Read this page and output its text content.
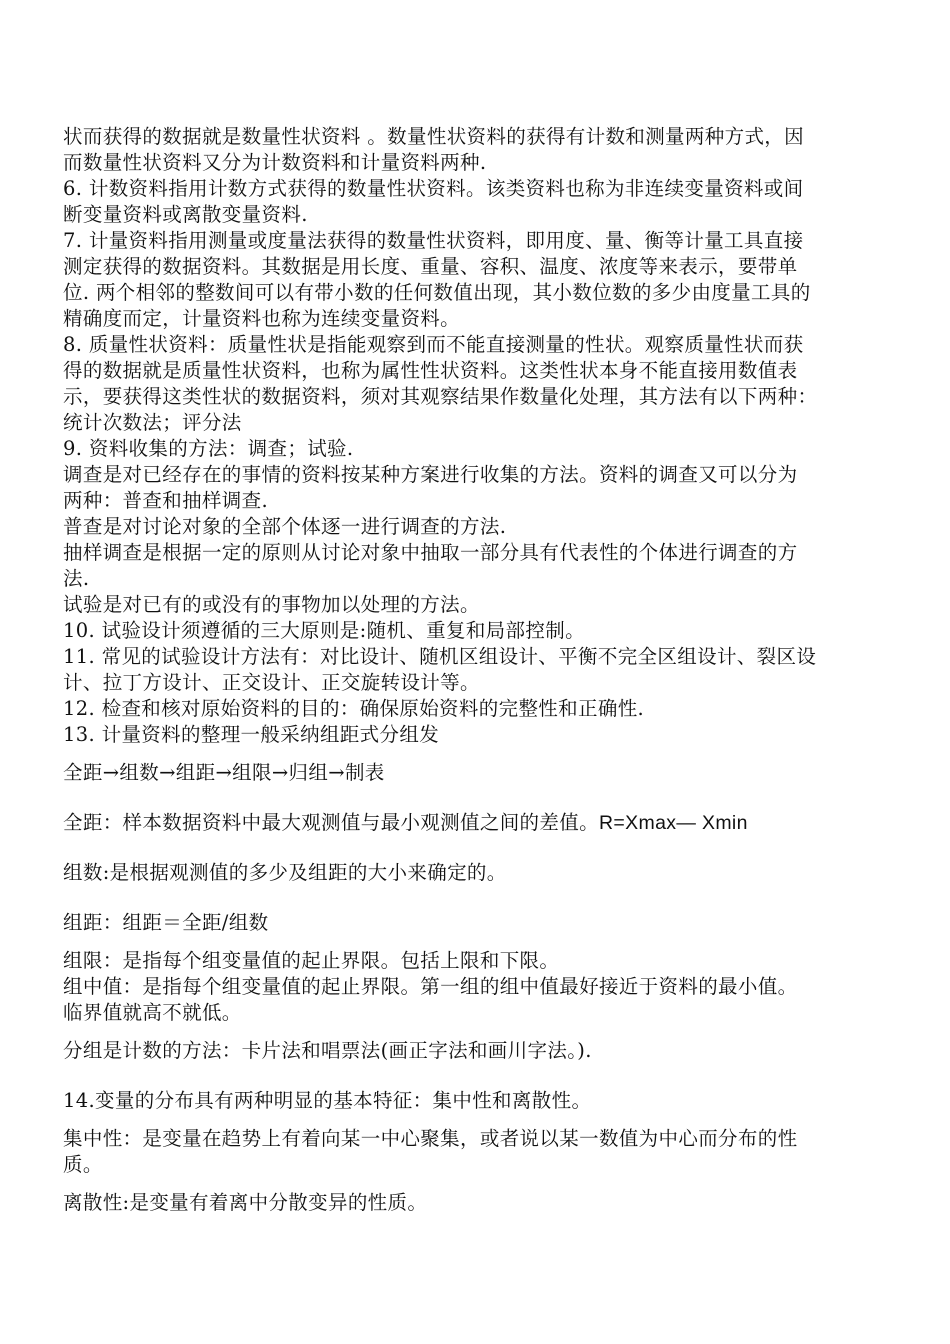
状而获得的数据就是数量性状资料 。数量性状资料的获得有计数和测量两种方式，因
而数量性状资料又分为计数资料和计量资料两种.
6. 计数资料指用计数方式获得的数量性状资料。该类资料也称为非连续变量资料或间
断变量资料或离散变量资料.
7. 计量资料指用测量或度量法获得的数量性状资料，即用度、量、衡等计量工具直接
测定获得的数据资料。其数据是用长度、重量、容积、温度、浓度等来表示，要带单
位. 两个相邻的整数间可以有带小数的任何数值出现，其小数位数的多少由度量工具的
精确度而定，计量资料也称为连续变量资料。
8. 质量性状资料：质量性状是指能观察到而不能直接测量的性状。观察质量性状而获
得的数据就是质量性状资料，也称为属性性状资料。这类性状本身不能直接用数值表
示，要获得这类性状的数据资料，须对其观察结果作数量化处理，其方法有以下两种：
统计次数法；评分法
9. 资料收集的方法：调查；试验.
调查是对已经存在的事情的资料按某种方案进行收集的方法。资料的调查又可以分为
两种：普查和抽样调查.
普查是对讨论对象的全部个体逐一进行调查的方法.
抽样调查是根据一定的原则从讨论对象中抽取一部分具有代表性的个体进行调查的方
法.
试验是对已有的或没有的事物加以处理的方法。
10. 试验设计须遵循的三大原则是:随机、重复和局部控制。
11. 常见的试验设计方法有：对比设计、随机区组设计、平衡不完全区组设计、裂区设
计、拉丁方设计、正交设计、正交旋转设计等。
12. 检查和核对原始资料的目的：确保原始资料的完整性和正确性.
13. 计量资料的整理一般采纳组距式分组发
全距→组数→组距→组限→归组→制表
全距：样本数据资料中最大观测值与最小观测值之间的差值。R=Xmax— Xmin
组数:是根据观测值的多少及组距的大小来确定的。
组距：组距＝全距/组数
组限：是指每个组变量值的起止界限。包括上限和下限。
组中值：是指每个组变量值的起止界限。第一组的组中值最好接近于资料的最小值。
临界值就高不就低。
分组是计数的方法：卡片法和唱票法(画正字法和画川字法。).
14.变量的分布具有两种明显的基本特征：集中性和离散性。
集中性：是变量在趋势上有着向某一中心聚集，或者说以某一数值为中心而分布的性
质。
离散性:是变量有着离中分散变异的性质。
